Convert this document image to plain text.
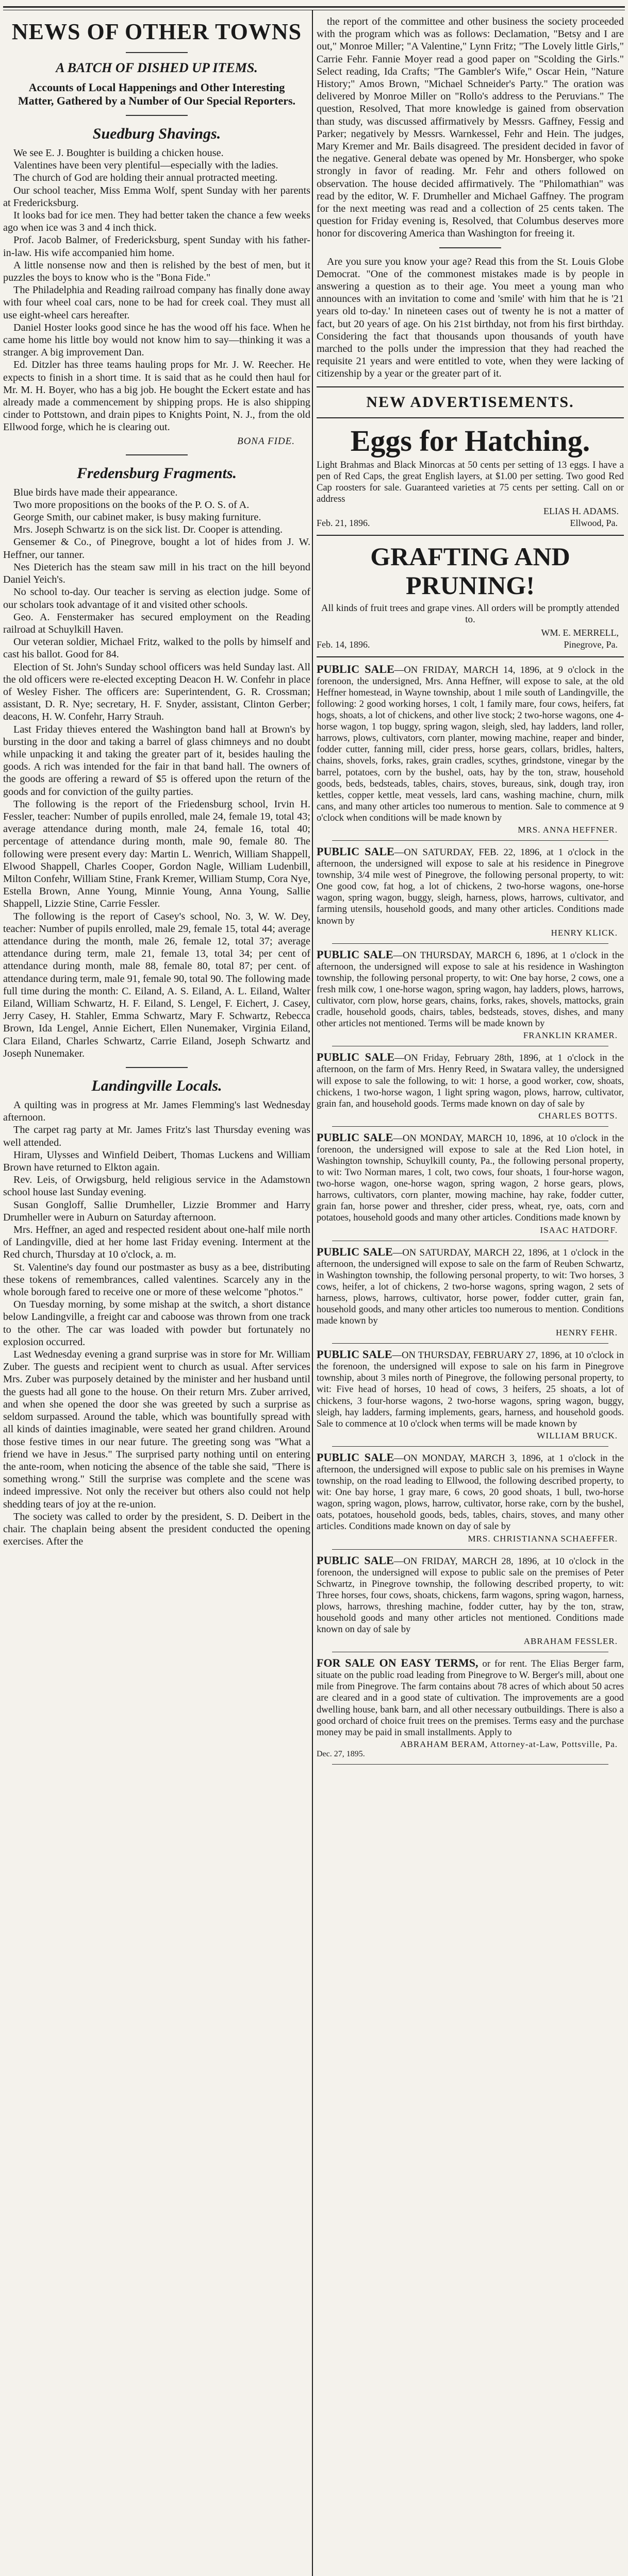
NEWS OF OTHER TOWNS
A BATCH OF DISHED UP ITEMS.
Accounts of Local Happenings and Other Interesting Matter, Gathered by a Number of Our Special Reporters.
Suedburg Shavings.

We see E. J. Boughter is building a chicken house.

Valentines have been very plentiful—especially with the ladies.

The church of God are holding their annual protracted meeting.

Our school teacher, Miss Emma Wolf, spent Sunday with her parents at Fredericksburg.

It looks bad for ice men. They had better taken the chance a few weeks ago when ice was 3 and 4 inch thick.

Prof. Jacob Balmer, of Fredericksburg, spent Sunday with his father-in-law. His wife accompanied him home.

A little nonsense now and then is relished by the best of men, but it puzzles the boys to know who is the "Bona Fide."

The Philadelphia and Reading railroad company has finally done away with four wheel coal cars, none to be had for creek coal. They must all use eight-wheel cars hereafter.

Daniel Hoster looks good since he has the wood off his face. When he came home his little boy would not know him to say—thinking it was a stranger. A big improvement Dan.

Ed. Ditzler has three teams hauling props for Mr. J. W. Reecher. He expects to finish in a short time. It is said that as he could then haul for Mr. M. H. Boyer, who has a big job. He bought the Eckert estate and has already made a commencement by shipping props. He is also shipping cinder to Pottstown, and drain pipes to Knights Point, N. J., from the old Ellwood forge, which he is clearing out.

BONA FIDE.
Fredensburg Fragments.

Blue birds have made their appearance.

Two more propositions on the books of the P. O. S. of A.

George Smith, our cabinet maker, is busy making furniture.

Mrs. Joseph Schwartz is on the sick list. Dr. Cooper is attending.

Gensemer & Co., of Pinegrove, bought a lot of hides from J. W. Heffner, our tanner.

Nes Dieterich has the steam saw mill in his tract on the hill beyond Daniel Yeich's.

No school to-day. Our teacher is serving as election judge. Some of our scholars took advantage of it and visited other schools.

Geo. A. Fenstermaker has secured employment on the Reading railroad at Schuylkill Haven.

Our veteran soldier, Michael Fritz, walked to the polls by himself and cast his ballot. Good for 84.

Election of St. John's Sunday school officers was held Sunday last. All the old officers were re-elected excepting Deacon H. W. Confehr in place of Wesley Fisher. The officers are: Superintendent, G. R. Crossman; assistant, D. R. Nye; secretary, H. F. Snyder, assistant, Clinton Gerber; deacons, H. W. Confehr, Harry Strauh.

Last Friday thieves entered the Washington band hall at Brown's by bursting in the door and taking a barrel of glass chimneys and no doubt while unpacking it and taking the greater part of it, besides hauling the goods. A rich was intended for the fair in that band hall. The owners of the goods are offering a reward of $5 is offered upon the return of the goods and for conviction of the guilty parties.

The following is the report of the Friedensburg school, Irvin H. Fessler, teacher: Number of pupils enrolled, male 24, female 19, total 43; average attendance during month, male 24, female 16, total 40; percentage of attendance during month, male 90, female 80. The following were present every day: Martin L. Wenrich, William Shappell, Elwood Shappell, Charles Cooper, Gordon Nagle, William Ludenbill, Milton Confehr, William Stine, Frank Kremer, William Stump, Cora Nye, Estella Brown, Anne Young, Minnie Young, Anna Young, Sallie Shappell, Lizzie Stine, Carrie Fessler.

The following is the report of Casey's school, No. 3, W. W. Dey, teacher: Number of pupils enrolled, male 29, female 15, total 44; average attendance during the month, male 26, female 12, total 37; average attendance during term, male 21, female 13, total 34; per cent of attendance during month, male 88, female 80, total 87; per cent. of attendance during term, male 91, female 90, total 90. The following made full time during the month: C. Eiland, A. S. Eiland, A. L. Eiland, Walter Eiland, William Schwartz, H. F. Eiland, S. Lengel, F. Eichert, J. Casey, Jerry Casey, H. Stahler, Emma Schwartz, Mary F. Schwartz, Rebecca Brown, Ida Lengel, Annie Eichert, Ellen Nunemaker, Virginia Eiland, Clara Eiland, Charles Schwartz, Carrie Eiland, Joseph Schwartz and Joseph Nunemaker.

Landingville Locals.

A quilting was in progress at Mr. James Flemming's last Wednesday afternoon.

The carpet rag party at Mr. James Fritz's last Thursday evening was well attended.

Hiram, Ulysses and Winfield Deibert, Thomas Luckens and William Brown have returned to Elkton again.

Rev. Leis, of Orwigsburg, held religious service in the Adamstown school house last Sunday evening.

Susan Gongloff, Sallie Drumheller, Lizzie Brommer and Harry Drumheller were in Auburn on Saturday afternoon.

Mrs. Heffner, an aged and respected resident about one-half mile north of Landingville, died at her home last Friday evening. Interment at the Red church, Thursday at 10 o'clock, a. m.

St. Valentine's day found our postmaster as busy as a bee, distributing these tokens of remembrances, called valentines. Scarcely any in the whole borough fared to receive one or more of these welcome "photos."

On Tuesday morning, by some mishap at the switch, a short distance below Landingville, a freight car and caboose was thrown from one track to the other. The car was loaded with powder but fortunately no explosion occurred.

Last Wednesday evening a grand surprise was in store for Mr. William Zuber. The guests and recipient went to church as usual. After services Mrs. Zuber was purposely detained by the minister and her husband until the guests had all gone to the house. On their return Mrs. Zuber arrived, and when she opened the door she was greeted by such a surprise as seldom surpassed. Around the table, which was bountifully spread with all kinds of dainties imaginable, were seated her grand children. Around those festive times in our near future. The greeting song was "What a friend we have in Jesus." The surprised party nothing until on entering the ante-room, when noticing the absence of the table she said, "There is something wrong." Still the surprise was complete and the scene was indeed impressive. Not only the receiver but others also could not help shedding tears of joy at the re-union.

The society was called to order by the president, S. D. Deibert in the chair. The chaplain being absent the president conducted the opening exercises. After the

the report of the committee and other business the society proceeded with the program which was as follows: Declamation, "Betsy and I are out," Monroe Miller; "A Valentine," Lynn Fritz; "The Lovely little Girls," Carrie Fehr. Fannie Moyer read a good paper on "Scolding the Girls." Select reading, Ida Crafts; "The Gambler's Wife," Oscar Hein, "Nature History;" Amos Brown, "Michael Schneider's Party." The oration was delivered by Monroe Miller on "Rollo's address to the Peruvians." The question, Resolved, That more knowledge is gained from observation than study, was discussed affirmatively by Messrs. Gaffney, Fessig and Parker; negatively by Messrs. Warnkessel, Fehr and Hein. The judges, Mary Kremer and Mr. Bails disagreed. The president decided in favor of the negative. General debate was opened by Mr. Honsberger, who spoke strongly in favor of reading. Mr. Fehr and others followed on observation. The house decided affirmatively. The "Philomathian" was read by the editor, W. F. Drumheller and Michael Gaffney. The program for the next meeting was read and a collection of 25 cents taken. The question for Friday evening is, Resolved, that Columbus deserves more honor for discovering America than Washington for freeing it.

Are you sure you know your age? Read this from the St. Louis Globe Democrat. "One of the commonest mistakes made is by people in answering a question as to their age. You meet a young man who announces with an invitation to come and 'smile' with him that he is '21 years old to-day.' In nineteen cases out of twenty he is not a matter of fact, but 20 years of age. On his 21st birthday, not from his first birthday. Considering the fact that thousands upon thousands of youth have marched to the polls under the impression that they had reached the requisite 21 years and were entitled to vote, when they were lacking of citizenship by a year or the greater part of it.

NEW ADVERTISEMENTS.
Eggs for Hatching.
Light Brahmas and Black Minorcas at 50 cents per setting of 13 eggs. I have a pen of Red Caps, the great English layers, at $1.00 per setting. Two good Red Cap roosters for sale. Guaranteed varieties at 75 cents per setting. Call on or address
ELIAS H. ADAMS.
Feb. 21, 1896.	Ellwood, Pa.
GRAFTING AND PRUNING!
All kinds of fruit trees and grape vines. All orders will be promptly attended to.
WM. E. MERRELL,
Feb. 14, 1896.	Pinegrove, Pa.

PUBLIC SALE—ON FRIDAY, MARCH 14, 1896, at 9 o'clock in the forenoon, the undersigned, Mrs. Anna Heffner, will expose to sale, at the old Heffner homestead, in Wayne township, about 1 mile south of Landingville, the following: 2 good working horses, 1 colt, 1 family mare, four cows, heifers, fat hogs, shoats, a lot of chickens, and other live stock; 2 two-horse wagons, one 4-horse wagon, 1 top buggy, spring wagon, sleigh, sled, hay ladders, land roller, harrows, plows, cultivators, corn planter, mowing machine, reaper and binder, fodder cutter, fanning mill, cider press, horse gears, collars, bridles, halters, chains, shovels, forks, rakes, grain cradles, scythes, grindstone, vinegar by the barrel, potatoes, corn by the bushel, oats, hay by the ton, straw, household goods, beds, bedsteads, tables, chairs, stoves, bureaus, sink, dough tray, iron kettles, copper kettle, meat vessels, lard cans, washing machine, churn, milk cans, and many other articles too numerous to mention. Sale to commence at 9 o'clock when conditions will be made known by

MRS. ANNA HEFFNER.

PUBLIC SALE—ON SATURDAY, FEB. 22, 1896, at 1 o'clock in the afternoon, the undersigned will expose to sale at his residence in Pinegrove township, 3/4 mile west of Pinegrove, the following personal property, to wit: One good cow, fat hog, a lot of chickens, 2 two-horse wagons, one-horse wagon, spring wagon, buggy, sleigh, harness, plows, harrows, cultivator, and farming utensils, household goods, and many other articles. Conditions made known by

HENRY KLICK.

PUBLIC SALE—ON THURSDAY, MARCH 6, 1896, at 1 o'clock in the afternoon, the undersigned will expose to sale at his residence in Washington township, the following personal property, to wit: One bay horse, 2 cows, one a fresh milk cow, 1 one-horse wagon, spring wagon, hay ladders, plows, harrows, cultivator, corn plow, horse gears, chains, forks, rakes, shovels, mattocks, grain cradle, household goods, chairs, tables, bedsteads, stoves, dishes, and many other articles not mentioned. Terms will be made known by

FRANKLIN KRAMER.

PUBLIC SALE—ON Friday, February 28th, 1896, at 1 o'clock in the afternoon, on the farm of Mrs. Henry Reed, in Swatara valley, the undersigned will expose to sale the following, to wit: 1 horse, a good worker, cow, shoats, chickens, 1 two-horse wagon, 1 light spring wagon, plows, harrow, cultivator, grain fan, and household goods. Terms made known on day of sale by

CHARLES BOTTS.

PUBLIC SALE—ON MONDAY, MARCH 10, 1896, at 10 o'clock in the forenoon, the undersigned will expose to sale at the Red Lion hotel, in Washington township, Schuylkill county, Pa., the following personal property, to wit: Two Norman mares, 1 colt, two cows, four shoats, 1 four-horse wagon, two-horse wagon, one-horse wagon, spring wagon, 2 horse gears, plows, harrows, cultivators, corn planter, mowing machine, hay rake, fodder cutter, grain fan, horse power and thresher, cider press, wheat, rye, oats, corn and potatoes, household goods and many other articles. Conditions made known by

ISAAC HATDORF.

PUBLIC SALE—ON SATURDAY, MARCH 22, 1896, at 1 o'clock in the afternoon, the undersigned will expose to sale on the farm of Reuben Schwartz, in Washington township, the following personal property, to wit: Two horses, 3 cows, heifer, a lot of chickens, 2 two-horse wagons, spring wagon, 2 sets of harness, plows, harrows, cultivator, horse power, fodder cutter, grain fan, household goods, and many other articles too numerous to mention. Conditions made known by

HENRY FEHR.

PUBLIC SALE—ON THURSDAY, FEBRUARY 27, 1896, at 10 o'clock in the forenoon, the undersigned will expose to sale on his farm in Pinegrove township, about 3 miles north of Pinegrove, the following personal property, to wit: Five head of horses, 10 head of cows, 3 heifers, 25 shoats, a lot of chickens, 3 four-horse wagons, 2 two-horse wagons, spring wagon, buggy, sleigh, hay ladders, farming implements, gears, harness, and household goods. Sale to commence at 10 o'clock when terms will be made known by

WILLIAM BRUCK.

PUBLIC SALE—ON MONDAY, MARCH 3, 1896, at 1 o'clock in the afternoon, the undersigned will expose to public sale on his premises in Wayne township, on the road leading to Ellwood, the following described property, to wit: One bay horse, 1 gray mare, 6 cows, 20 good shoats, 1 bull, two-horse wagon, spring wagon, plows, harrow, cultivator, horse rake, corn by the bushel, oats, potatoes, household goods, beds, tables, chairs, stoves, and many other articles. Conditions made known on day of sale by

MRS. CHRISTIANNA SCHAEFFER.

PUBLIC SALE—ON FRIDAY, MARCH 28, 1896, at 10 o'clock in the forenoon, the undersigned will expose to public sale on the premises of Peter Schwartz, in Pinegrove township, the following described property, to wit: Three horses, four cows, shoats, chickens, farm wagons, spring wagon, harness, plows, harrows, threshing machine, fodder cutter, hay by the ton, straw, household goods and many other articles not mentioned. Conditions made known on day of sale by

ABRAHAM FESSLER.

FOR SALE ON EASY TERMS, or for rent. The Elias Berger farm, situate on the public road leading from Pinegrove to W. Berger's mill, about one mile from Pinegrove. The farm contains about 78 acres of which about 50 acres are cleared and in a good state of cultivation. The improvements are a good dwelling house, bank barn, and all other necessary outbuildings. There is also a good orchard of choice fruit trees on the premises. Terms easy and the purchase money may be paid in small installments. Apply to

ABRAHAM BERAM, Attorney-at-Law, Pottsville, Pa.
Dec. 27, 1895.
